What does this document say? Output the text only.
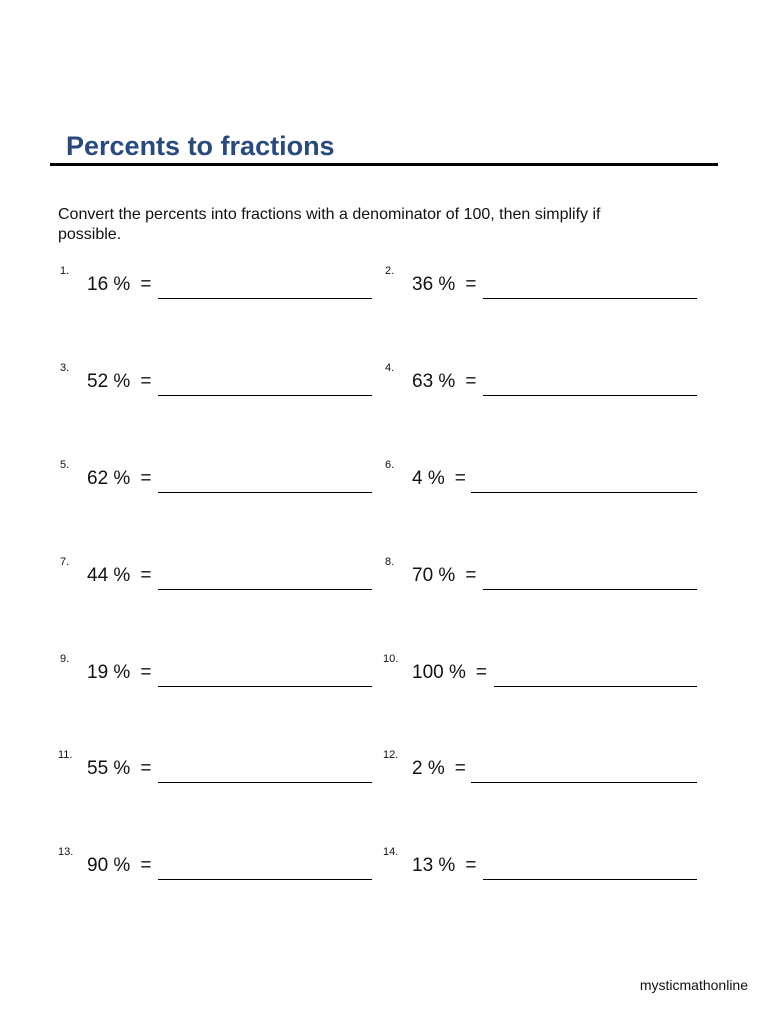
Percents to fractions
Convert the percents into fractions with a denominator of 100, then simplify if possible.
1.
16 % =
2.
36 % =
3.
52 % =
4.
63 % =
5.
62 % =
6.
4 % =
7.
44 % =
8.
70 % =
9.
19 % =
10.
100 % =
11.
55 % =
12.
2 % =
13.
90 % =
14.
13 % =
mysticmathonline
